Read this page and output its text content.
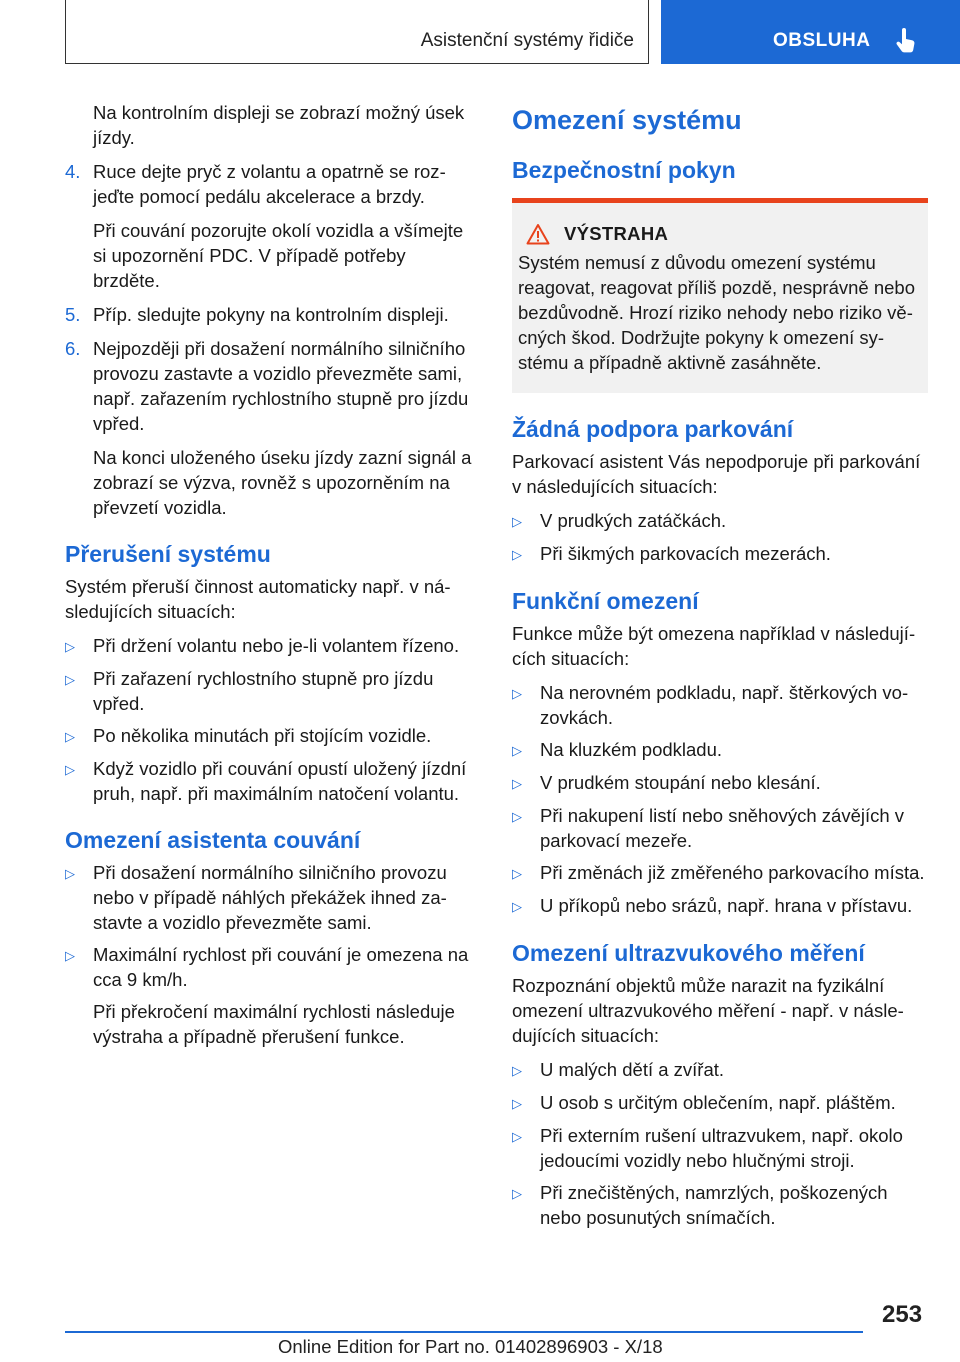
Asistenční systémy řidiče	OBSLUHA

Na kontrolním displeji se zobrazí možný úsek jízdy.

4. Ruce dejte pryč z volantu a opatrně se rozjeďte pomocí pedálu akcelerace a brzdy.

Při couvání pozorujte okolí vozidla a všímejte si upozornění PDC. V případě potřeby brzděte.

5. Příp. sledujte pokyny na kontrolním displeji.

6. Nejpozději při dosažení normálního silničního provozu zastavte a vozidlo převezměte sami, např. zařazením rychlostního stupně pro jízdu vpřed.

Na konci uloženého úseku jízdy zazní signál a zobrazí se výzva, rovněž s upozorněním na převzetí vozidla.

Přerušení systému

Systém přeruší činnost automaticky např. v následujících situacích:

▷ Při držení volantu nebo je-li volantem řízeno.
▷ Při zařazení rychlostního stupně pro jízdu vpřed.
▷ Po několika minutách při stojícím vozidle.
▷ Když vozidlo při couvání opustí uložený jízdní pruh, např. při maximálním natočení volantu.
Omezení asistenta couvání
▷ Při dosažení normálního silničního provozu nebo v případě náhlých překážek ihned zastavte a vozidlo převezměte sami.
▷ Maximální rychlost při couvání je omezena na cca 9 km/h.

Při překročení maximální rychlosti následuje výstraha a případně přerušení funkce.

Omezení systému
Bezpečnostní pokyn
VÝSTRAHA

Systém nemusí z důvodu omezení systému reagovat, reagovat příliš pozdě, nesprávně nebo bezdůvodně. Hrozí riziko nehody nebo riziko věcných škod. Dodržujte pokyny k omezení systému a případně aktivně zasáhněte.

Žádná podpora parkování

Parkovací asistent Vás nepodporuje při parkování v následujících situacích:

▷ V prudkých zatáčkách.
▷ Při šikmých parkovacích mezerách.
Funkční omezení

Funkce může být omezena například v následujících situacích:

▷ Na nerovném podkladu, např. štěrkových vozovkách.
▷ Na kluzkém podkladu.
▷ V prudkém stoupání nebo klesání.
▷ Při nakupení listí nebo sněhových závějích v parkovací mezeře.
▷ Při změnách již změřeného parkovacího místa.
▷ U příkopů nebo srázů, např. hrana v přístavu.
Omezení ultrazvukového měření

Rozpoznání objektů může narazit na fyzikální omezení ultrazvukového měření - např. v následujících situacích:

▷ U malých dětí a zvířat.
▷ U osob s určitým oblečením, např. pláštěm.
▷ Při externím rušení ultrazvukem, např. okolo jedoucími vozidly nebo hlučnými stroji.
▷ Při znečištěných, namrzlých, poškozených nebo posunutých snímačích.
253
Online Edition for Part no. 01402896903 - X/18
